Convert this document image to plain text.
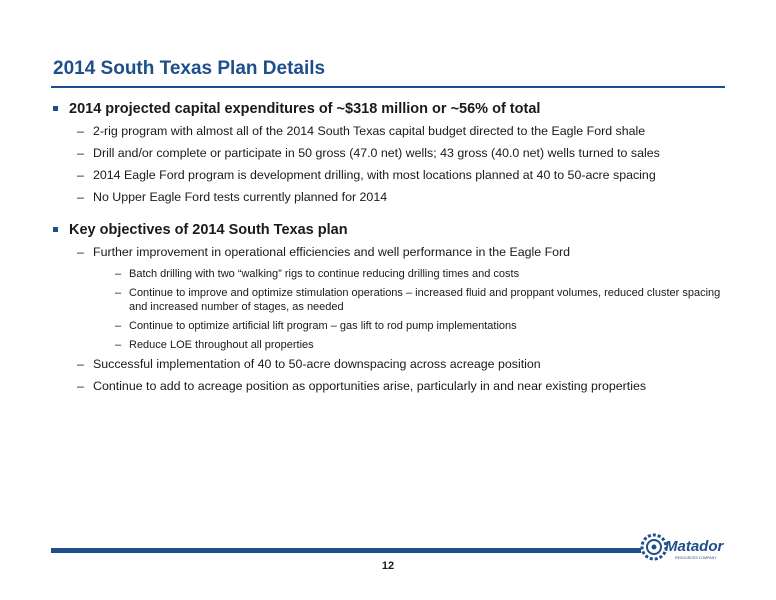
2014 South Texas Plan Details
2014 projected capital expenditures of ~$318 million or ~56% of total
– 2-rig program with almost all of the 2014 South Texas capital budget directed to the Eagle Ford shale
– Drill and/or complete or participate in 50 gross (47.0 net) wells; 43 gross (40.0 net) wells turned to sales
– 2014 Eagle Ford program is development drilling, with most locations planned at 40 to 50-acre spacing
– No Upper Eagle Ford tests currently planned for 2014
Key objectives of 2014 South Texas plan
– Further improvement in operational efficiencies and well performance in the Eagle Ford
– Batch drilling with two “walking” rigs to continue reducing drilling times and costs
– Continue to improve and optimize stimulation operations – increased fluid and proppant volumes, reduced cluster spacing and increased number of stages, as needed
– Continue to optimize artificial lift program – gas lift to rod pump implementations
– Reduce LOE throughout all properties
– Successful implementation of 40 to 50-acre downspacing across acreage position
– Continue to add to acreage position as opportunities arise, particularly in and near existing properties
12
Matador
RESOURCES COMPANY
